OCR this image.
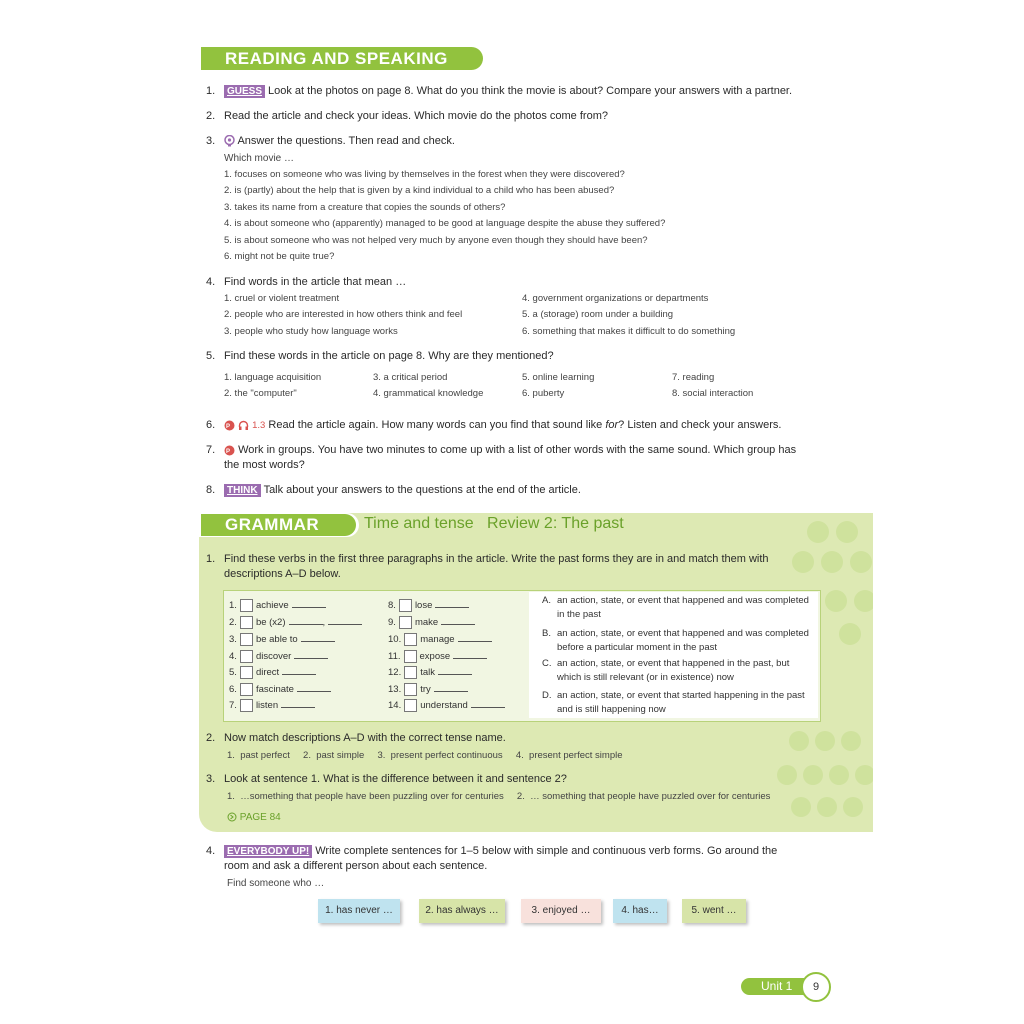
READING AND SPEAKING
1.	GUESS Look at the photos on page 8. What do you think the movie is about? Compare your answers with a partner.
2. Read the article and check your ideas. Which movie do the photos come from?
3.	Answer the questions. Then read and check.
Which movie …
1. focuses on someone who was living by themselves in the forest when they were discovered?
2. is (partly) about the help that is given by a kind individual to a child who has been abused?
3. takes its name from a creature that copies the sounds of others?
4. is about someone who (apparently) managed to be good at language despite the abuse they suffered?
5. is about someone who was not helped very much by anyone even though they should have been?
6. might not be quite true?
4. Find words in the article that mean …
1. cruel or violent treatment
2. people who are interested in how others think and feel
3. people who study how language works
4. government organizations or departments
5. a (storage) room under a building
6. something that makes it difficult to do something
5. Find these words in the article on page 8. Why are they mentioned?
1. language acquisition
2. the "computer"
3. a critical period
4. grammatical knowledge
5. online learning
6. puberty
7. reading
8. social interaction
6. P 1.3 Read the article again. How many words can you find that sound like for? Listen and check your answers.
7. P Work in groups. You have two minutes to come up with a list of other words with the same sound. Which group has the most words?
8.	THINK Talk about your answers to the questions at the end of the article.
GRAMMAR	Time and tense   Review 2: The past
1. Find these verbs in the first three paragraphs in the article. Write the past forms they are in and match them with descriptions A–D below.
1. achieve
2. be (x2)	,
3. be able to
4. discover
5. direct
6. fascinate
7. listen
8. lose
9. make
10. manage
11. expose
12. talk
13. try
14. understand
A. an action, state, or event that happened and was completed in the past
B. an action, state, or event that happened and was completed before a particular moment in the past
C. an action, state, or event that happened in the past, but which is still relevant (or in existence) now
D. an action, state, or event that started happening in the past and is still happening now
2. Now match descriptions A–D with the correct tense name.
1.  past perfect     2.  past simple     3.  present perfect continuous     4.  present perfect simple
3. Look at sentence 1. What is the difference between it and sentence 2?
1.  …something that people have been puzzling over for centuries     2.  … something that people have puzzled over for centuries
PAGE 84
4.	EVERYBODY UP! Write complete sentences for 1–5 below with simple and continuous verb forms. Go around the room and ask a different person about each sentence.
Find someone who …
1. has never …	2. has always …	3. enjoyed …	4. has…	5. went …
Unit 1	9
